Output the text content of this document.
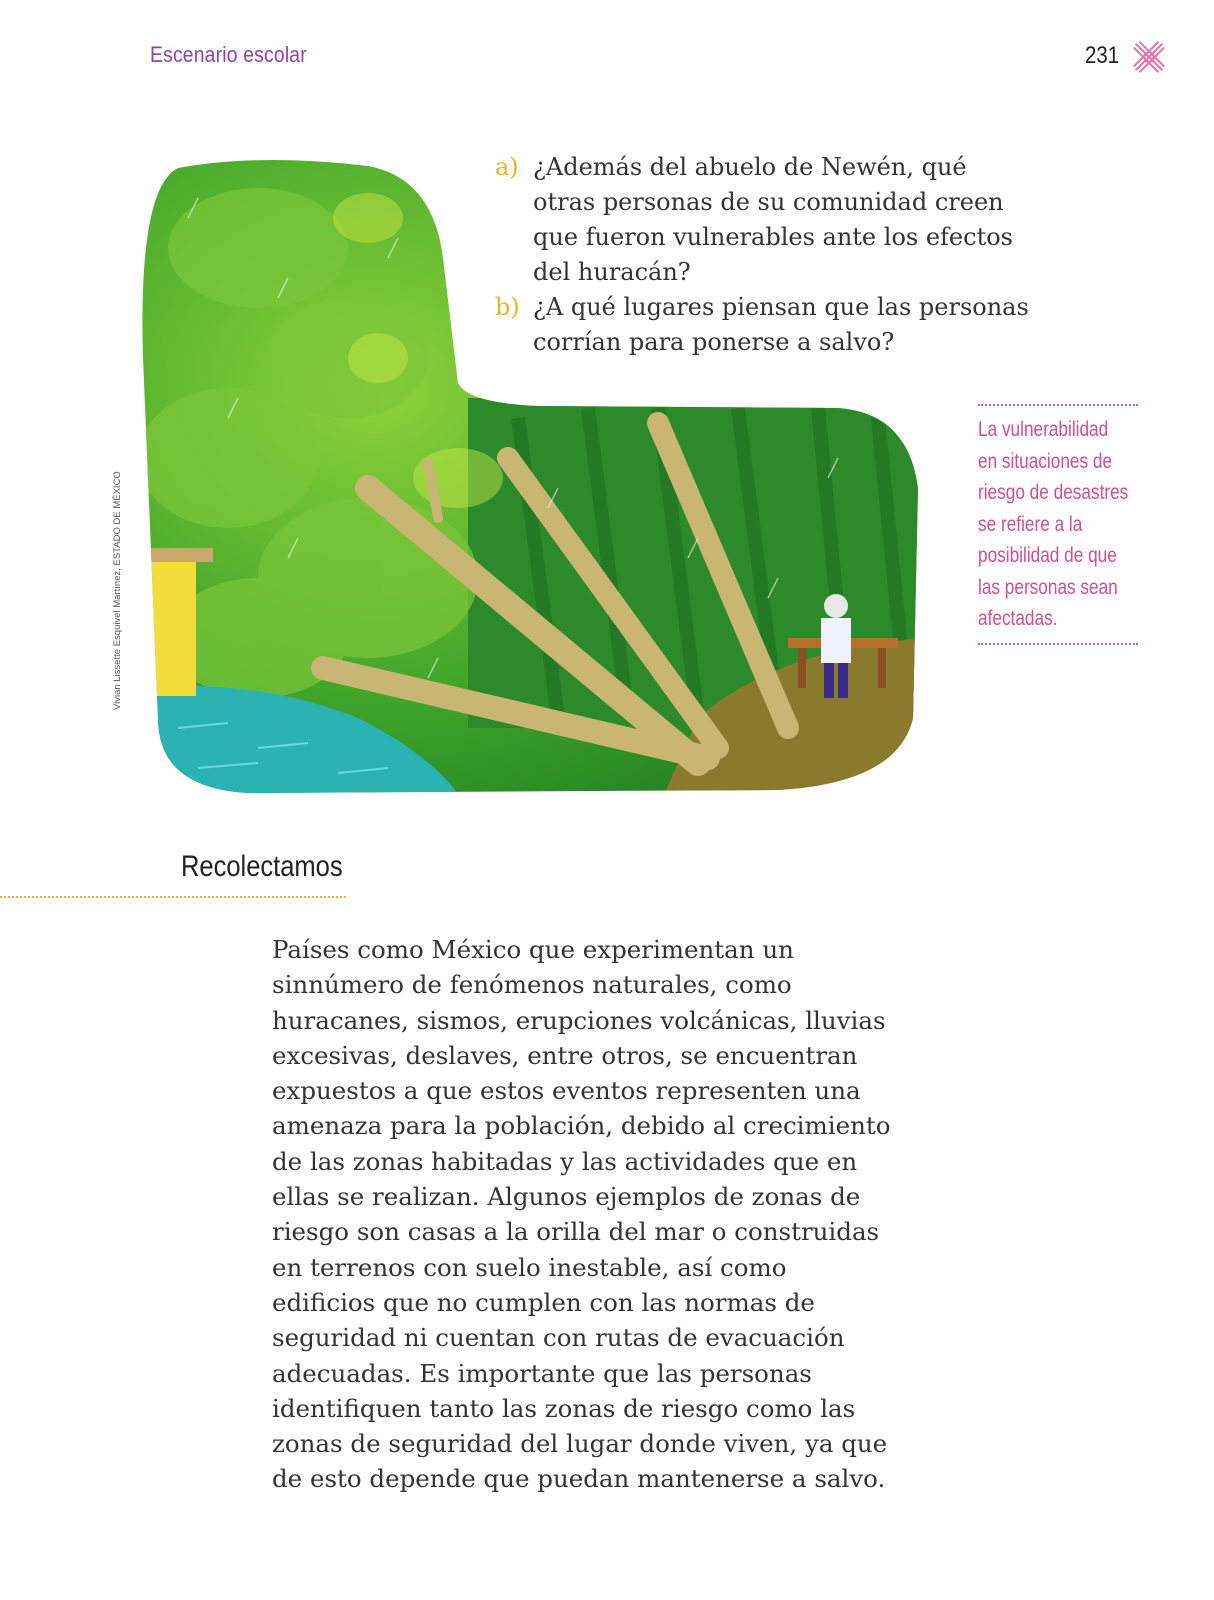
Escenario escolar	231
Vivian Lissette Esquivel Martínez, ESTADO DE MÉXICO
a) ¿Además del abuelo de Newén, qué
otras personas de su comunidad creen
que fueron vulnerables ante los efectos
del huracán?
b) ¿A qué lugares piensan que las personas
corrían para ponerse a salvo?
La vulnerabilidad
en situaciones de
riesgo de desastres
se refiere a la
posibilidad de que
las personas sean
afectadas.
Recolectamos
Países como México que experimentan un
sinnúmero de fenómenos naturales, como
huracanes, sismos, erupciones volcánicas, lluvias
excesivas, deslaves, entre otros, se encuentran
expuestos a que estos eventos representen una
amenaza para la población, debido al crecimiento
de las zonas habitadas y las actividades que en
ellas se realizan. Algunos ejemplos de zonas de
riesgo son casas a la orilla del mar o construidas
en terrenos con suelo inestable, así como
edificios que no cumplen con las normas de
seguridad ni cuentan con rutas de evacuación
adecuadas. Es importante que las personas
identifiquen tanto las zonas de riesgo como las
zonas de seguridad del lugar donde viven, ya que
de esto depende que puedan mantenerse a salvo.
